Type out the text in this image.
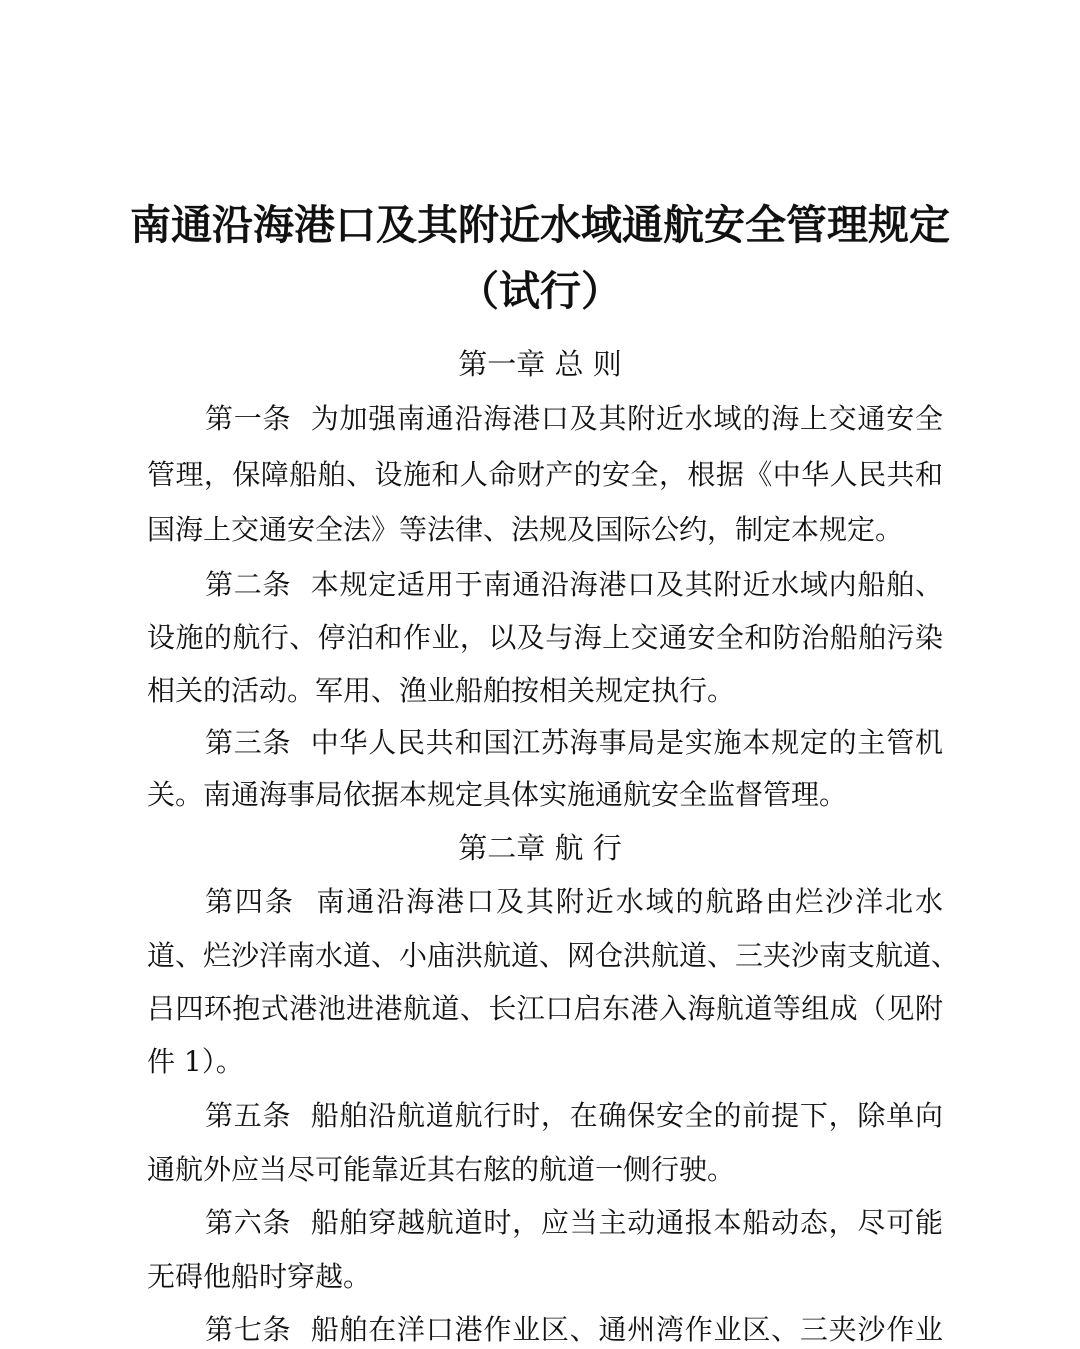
南通沿海港口及其附近水域通航安全管理规定
（试行）
第一章 总 则
第一条 为加强南通沿海港口及其附近水域的海上交通安全
管理，保障船舶、设施和人命财产的安全，根据《中华人民共和
国海上交通安全法》等法律、法规及国际公约，制定本规定。
第二条 本规定适用于南通沿海港口及其附近水域内船舶、
设施的航行、停泊和作业，以及与海上交通安全和防治船舶污染
相关的活动。军用、渔业船舶按相关规定执行。
第三条 中华人民共和国江苏海事局是实施本规定的主管机
关。南通海事局依据本规定具体实施通航安全监督管理。
第二章 航 行
第四条 南通沿海港口及其附近水域的航路由烂沙洋北水
道、烂沙洋南水道、小庙洪航道、网仓洪航道、三夹沙南支航道、
吕四环抱式港池进港航道、长江口启东港入海航道等组成（见附
件 1）。
第五条 船舶沿航道航行时，在确保安全的前提下，除单向
通航外应当尽可能靠近其右舷的航道一侧行驶。
第六条 船舶穿越航道时，应当主动通报本船动态，尽可能
无碍他船时穿越。
第七条 船舶在洋口港作业区、通州湾作业区、三夹沙作业
